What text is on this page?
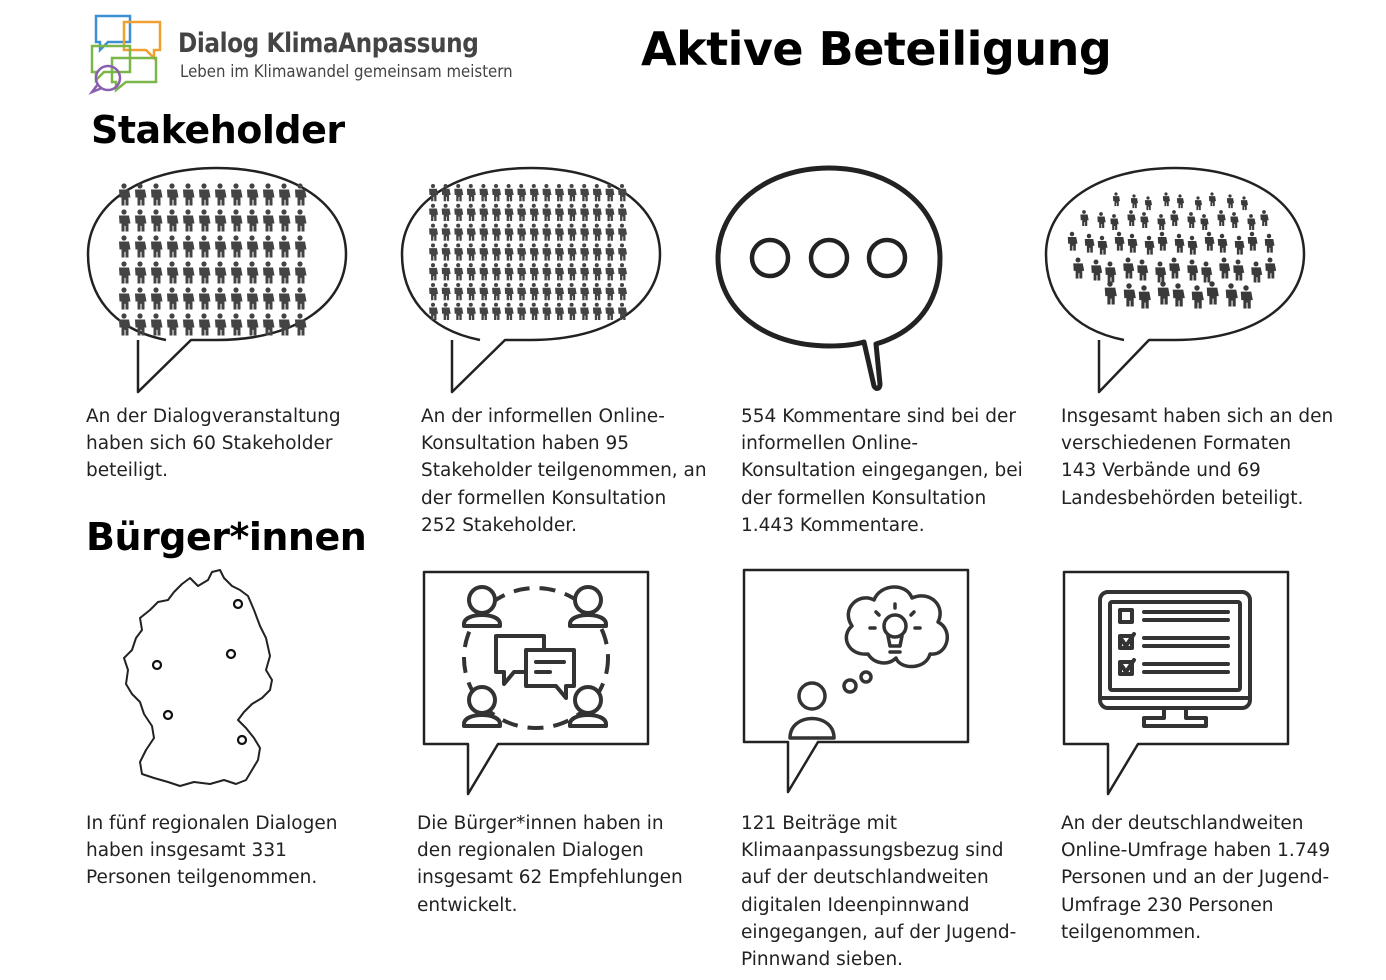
Dialog KlimaAnpassung
Leben im Klimawandel gemeinsam meistern	Aktive Beteiligung
Stakeholder
Bürger*innen
An der Dialogveranstaltung
haben sich 60 Stakeholder
beteiligt.
An der informellen Online-
Konsultation haben 95
Stakeholder teilgenommen, an
der formellen Konsultation
252 Stakeholder.
554 Kommentare sind bei der
informellen Online-
Konsultation eingegangen, bei
der formellen Konsultation
1.443 Kommentare.
Insgesamt haben sich an den
verschiedenen Formaten
143 Verbände und 69
Landesbehörden beteiligt.
In fünf regionalen Dialogen
haben insgesamt 331
Personen teilgenommen.
Die Bürger*innen haben in
den regionalen Dialogen
insgesamt 62 Empfehlungen
entwickelt.
121 Beiträge mit
Klimaanpassungsbezug sind
auf der deutschlandweiten
digitalen Ideenpinnwand
eingegangen, auf der Jugend-
Pinnwand sieben.
An der deutschlandweiten
Online-Umfrage haben 1.749
Personen und an der Jugend-
Umfrage 230 Personen
teilgenommen.
